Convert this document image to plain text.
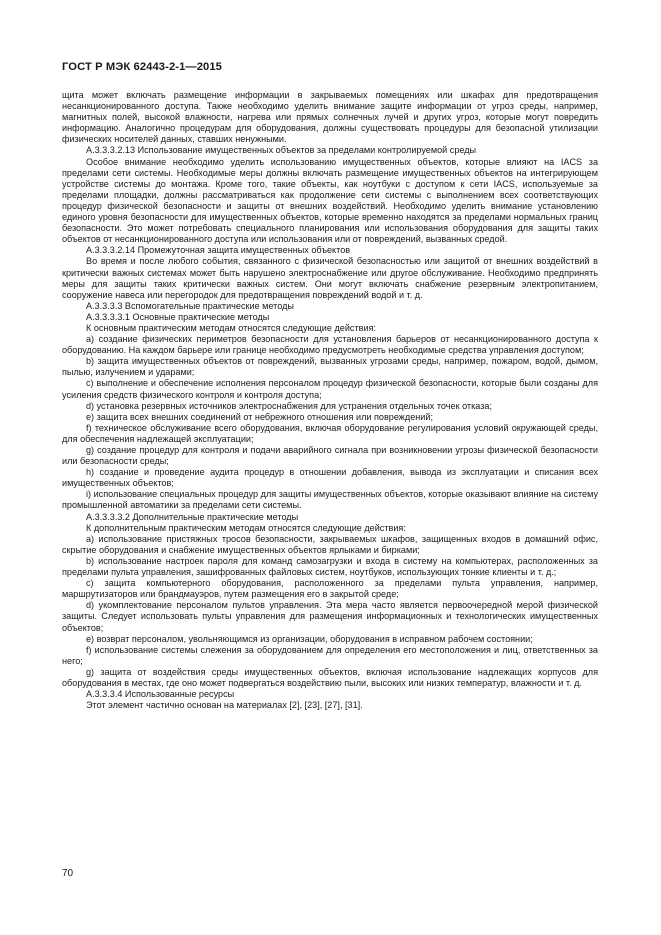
ГОСТ Р МЭК 62443-2-1—2015

щита может включать размещение информации в закрываемых помещениях или шкафах для предотвращения несанкционированного доступа. Также необходимо уделить внимание защите информации от угроз среды, например, магнитных полей, высокой влажности, нагрева или прямых солнечных лучей и других угроз, которые могут повредить информацию. Аналогично процедурам для оборудования, должны существовать процедуры для безопасной утилизации физических носителей данных, ставших ненужными.

А.3.3.3.2.13 Использование имущественных объектов за пределами контролируемой среды

Особое внимание необходимо уделить использованию имущественных объектов, которые влияют на IACS за пределами сети системы. Необходимые меры должны включать размещение имущественных объектов на интегрирующем устройстве системы до монтажа. Кроме того, такие объекты, как ноутбуки с доступом к сети IACS, используемые за пределами площадки, должны рассматриваться как продолжение сети системы с выполнением всех соответствующих процедур физической безопасности и защиты от внешних воздействий. Необходимо уделить внимание установлению единого уровня безопасности для имущественных объектов, которые временно находятся за пределами нормальных границ безопасности. Это может потребовать специального планирования или использования оборудования для защиты таких объектов от несанкционированного доступа или использования или от повреждений, вызванных средой.

А.3.3.3.2.14 Промежуточная защита имущественных объектов

Во время и после любого события, связанного с физической безопасностью или защитой от внешних воздействий в критически важных системах может быть нарушено электроснабжение или другое обслуживание. Необходимо предпринять меры для защиты таких критически важных систем. Они могут включать снабжение резервным электропитанием, сооружение навеса или перегородок для предотвращения повреждений водой и т. д.

А.3.3.3.3 Вспомогательные практические методы

А.3.3.3.3.1 Основные практические методы

К основным практическим методам относятся следующие действия:

a) создание физических периметров безопасности для установления барьеров от несанкционированного доступа к оборудованию. На каждом барьере или границе необходимо предусмотреть необходимые средства управления доступом;

b) защита имущественных объектов от повреждений, вызванных угрозами среды, например, пожаром, водой, дымом, пылью, излучением и ударами;

c) выполнение и обеспечение исполнения персоналом процедур физической безопасности, которые были созданы для усиления средств физического контроля и контроля доступа;

d) установка резервных источников электроснабжения для устранения отдельных точек отказа;

e) защита всех внешних соединений от небрежного отношения или повреждений;

f) техническое обслуживание всего оборудования, включая оборудование регулирования условий окружающей среды, для обеспечения надлежащей эксплуатации;

g) создание процедур для контроля и подачи аварийного сигнала при возникновении угрозы физической безопасности или безопасности среды;

h) создание и проведение аудита процедур в отношении добавления, вывода из эксплуатации и списания всех имущественных объектов;

i) использование специальных процедур для защиты имущественных объектов, которые оказывают влияние на систему промышленной автоматики за пределами сети системы.

А.3.3.3.3.2 Дополнительные практические методы

К дополнительным практическим методам относятся следующие действия:

a) использование пристяжных тросов безопасности, закрываемых шкафов, защищенных входов в домашний офис, скрытие оборудования и снабжение имущественных объектов ярлыками и бирками;

b) использование настроек пароля для команд самозагрузки и входа в систему на компьютерах, расположенных за пределами пульта управления, зашифрованных файловых систем, ноутбуков, использующих тонкие клиенты и т. д.;

c) защита компьютерного оборудования, расположенного за пределами пульта управления, например, маршрутизаторов или брандмауэров, путем размещения его в закрытой среде;

d) укомплектование персоналом пультов управления. Эта мера часто является первоочередной мерой физической защиты. Следует использовать пульты управления для размещения информационных и технологических имущественных объектов;

e) возврат персоналом, увольняющимся из организации, оборудования в исправном рабочем состоянии;

f) использование системы слежения за оборудованием для определения его местоположения и лиц, ответственных за него;

g) защита от воздействия среды имущественных объектов, включая использование надлежащих корпусов для оборудования в местах, где оно может подвергаться воздействию пыли, высоких или низких температур, влажности и т. д.

А.3.3.3.4 Использованные ресурсы

Этот элемент частично основан на материалах [2], [23], [27], [31].

70
